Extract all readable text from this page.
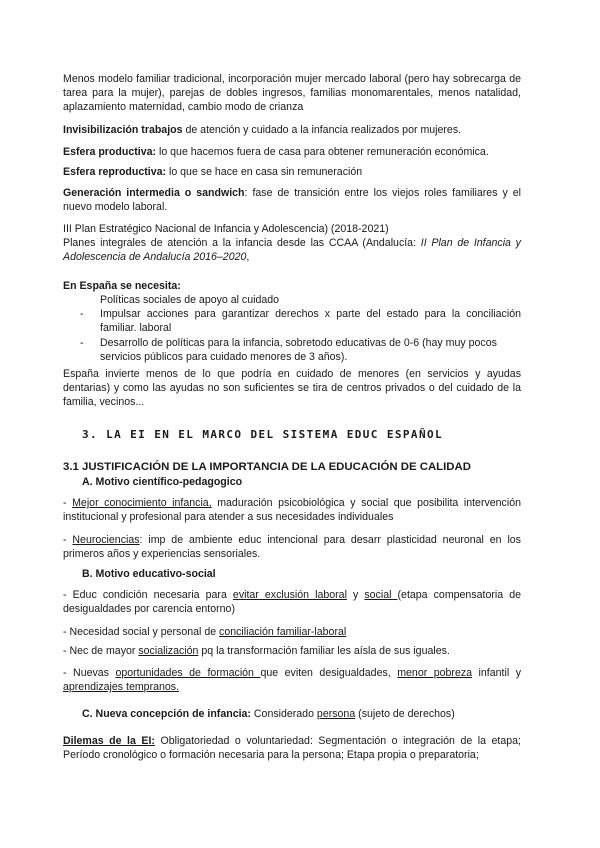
Menos modelo familiar tradicional, incorporación mujer mercado laboral (pero hay sobrecarga de tarea para la mujer), parejas de dobles ingresos, familias monomarentales, menos natalidad, aplazamiento maternidad, cambio modo de crianza
Invisibilización trabajos de atención y cuidado a la infancia realizados por mujeres.
Esfera productiva: lo que hacemos fuera de casa para obtener remuneración económica.
Esfera reproductiva: lo que se hace en casa sin remuneración
Generación intermedia o sandwich: fase de transición entre los viejos roles familiares y el nuevo modelo laboral.
III Plan Estratégico Nacional de Infancia y Adolescencia) (2018-2021)
Planes integrales de atención a la infancia desde las CCAA (Andalucía: II Plan de Infancia y Adolescencia de Andalucía 2016–2020,
En España se necesita:
Políticas sociales de apoyo al cuidado
-	Impulsar acciones para garantizar derechos x parte del estado para la conciliación familiar. laboral
-	Desarrollo de políticas para la infancia, sobretodo educativas de 0-6 (hay muy pocos servicios públicos para cuidado menores de 3 años).
España invierte menos de lo que podría en cuidado de menores (en servicios y ayudas dentarias) y como las ayudas no son suficientes se tira de centros privados o del cuidado de la familia, vecinos...
3. LA EI EN EL MARCO DEL SISTEMA EDUC ESPAÑOL
3.1 JUSTIFICACIÓN DE LA IMPORTANCIA DE LA EDUCACIÓN DE CALIDAD
A. Motivo científico-pedagogico
- Mejor conocimiento infancia, maduración psicobiológica y social que posibilita intervención institucional y profesional para atender a sus necesidades individuales
- Neurociencias: imp de ambiente educ intencional para desarr plasticidad neuronal en los primeros años y experiencias sensoriales.
B. Motivo educativo-social
- Educ condición necesaria para evitar exclusión laboral y social (etapa compensatoria de desigualdades por carencia entorno)
- Necesidad social y personal de conciliación familiar-laboral
- Nec de mayor socialización pq la transformación familiar les aísla de sus iguales.
- Nuevas oportunidades de formación que eviten desigualdades, menor pobreza infantil y aprendizajes tempranos.
C. Nueva concepción de infancia: Considerado persona (sujeto de derechos)
Dilemas de la EI: Obligatoriedad o voluntariedad: Segmentación o integración de la etapa; Período cronológico o formación necesaria para la persona; Etapa propia o preparatoria;
